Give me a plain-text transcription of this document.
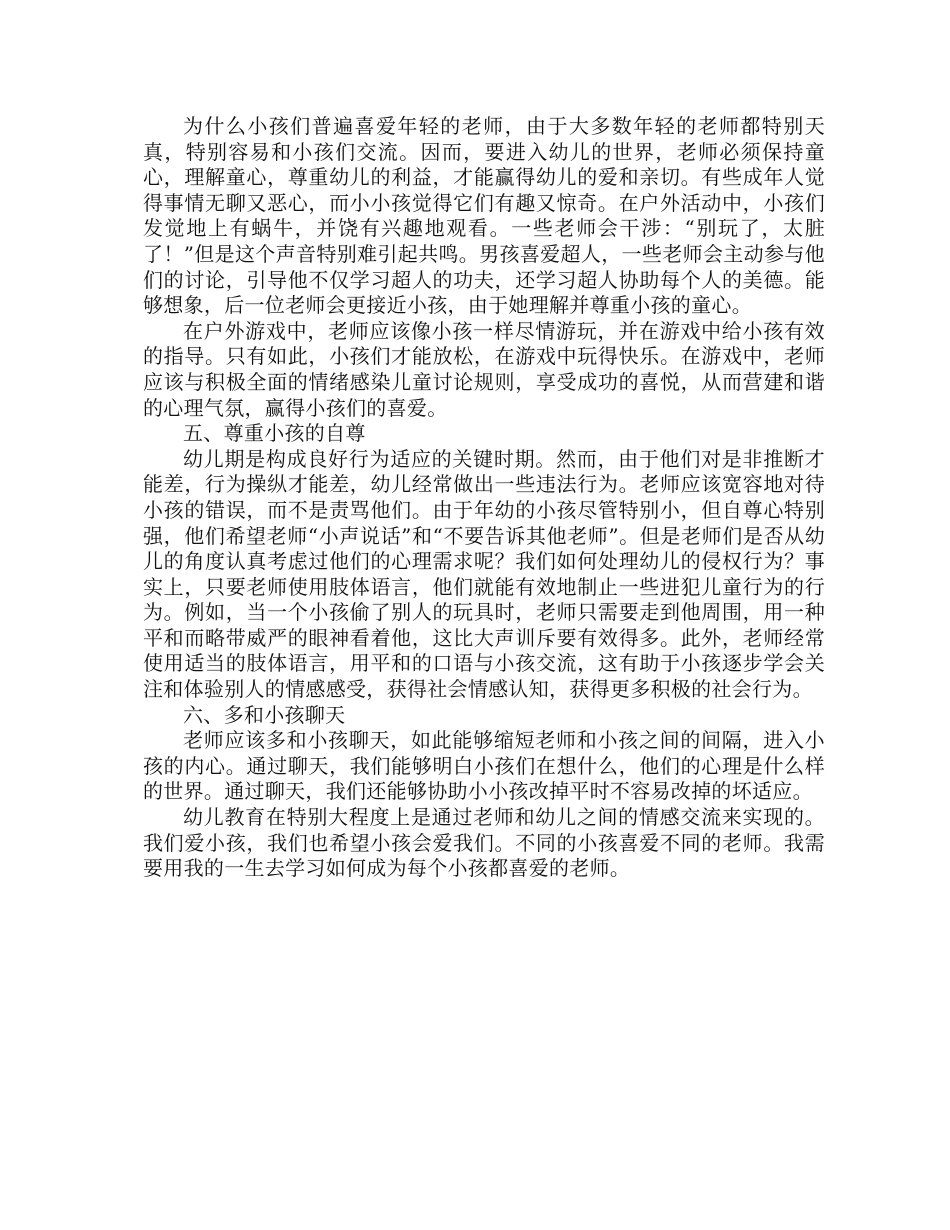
为什么小孩们普遍喜爱年轻的老师，由于大多数年轻的老师都特别天真，特别容易和小孩们交流。因而，要进入幼儿的世界，老师必须保持童心，理解童心，尊重幼儿的利益，才能赢得幼儿的爱和亲切。有些成年人觉得事情无聊又恶心，而小小孩觉得它们有趣又惊奇。在户外活动中，小孩们发觉地上有蜗牛，并饶有兴趣地观看。一些老师会干涉：“别玩了，太脏了！”但是这个声音特别难引起共鸣。男孩喜爱超人，一些老师会主动参与他们的讨论，引导他不仅学习超人的功夫，还学习超人协助每个人的美德。能够想象，后一位老师会更接近小孩，由于她理解并尊重小孩的童心。

在户外游戏中，老师应该像小孩一样尽情游玩，并在游戏中给小孩有效的指导。只有如此，小孩们才能放松，在游戏中玩得快乐。在游戏中，老师应该与积极全面的情绪感染儿童讨论规则，享受成功的喜悦，从而营建和谐的心理气氛，赢得小孩们的喜爱。

五、尊重小孩的自尊

幼儿期是构成良好行为适应的关键时期。然而，由于他们对是非推断才能差，行为操纵才能差，幼儿经常做出一些违法行为。老师应该宽容地对待小孩的错误，而不是责骂他们。由于年幼的小孩尽管特别小，但自尊心特别强，他们希望老师“小声说话”和“不要告诉其他老师”。但是老师们是否从幼儿的角度认真考虑过他们的心理需求呢？我们如何处理幼儿的侵权行为？事实上，只要老师使用肢体语言，他们就能有效地制止一些进犯儿童行为的行为。例如，当一个小孩偷了别人的玩具时，老师只需要走到他周围，用一种平和而略带威严的眼神看着他，这比大声训斥要有效得多。此外，老师经常使用适当的肢体语言，用平和的口语与小孩交流，这有助于小孩逐步学会关注和体验别人的情感感受，获得社会情感认知，获得更多积极的社会行为。

六、多和小孩聊天

老师应该多和小孩聊天，如此能够缩短老师和小孩之间的间隔，进入小孩的内心。通过聊天，我们能够明白小孩们在想什么，他们的心理是什么样的世界。通过聊天，我们还能够协助小小孩改掉平时不容易改掉的坏适应。

幼儿教育在特别大程度上是通过老师和幼儿之间的情感交流来实现的。我们爱小孩，我们也希望小孩会爱我们。不同的小孩喜爱不同的老师。我需要用我的一生去学习如何成为每个小孩都喜爱的老师。
